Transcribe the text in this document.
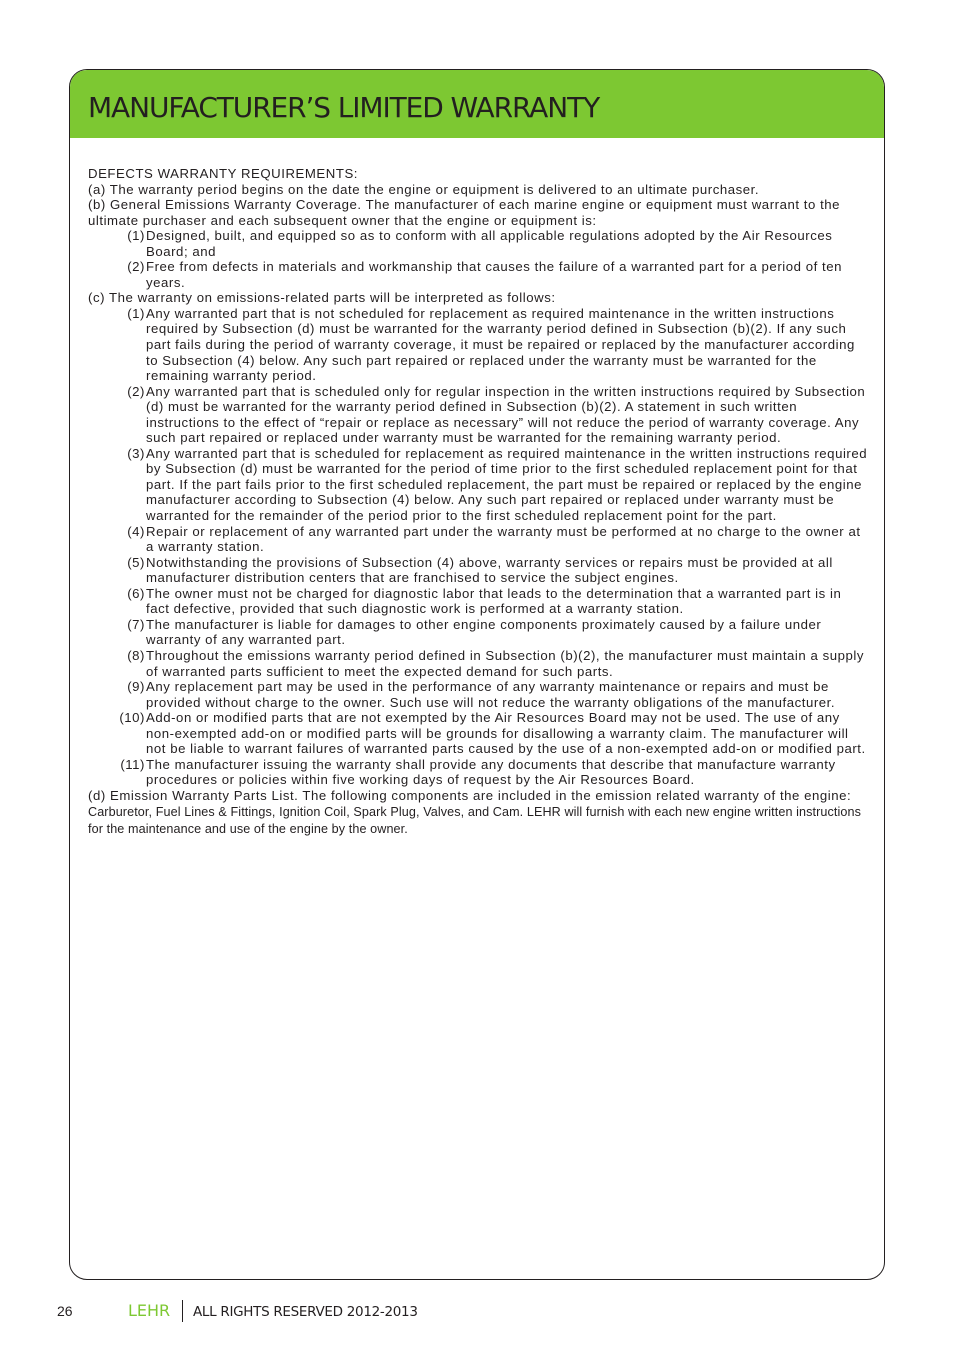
MANUFACTURER’S LIMITED WARRANTY

DEFECTS WARRANTY REQUIREMENTS:

(a) The warranty period begins on the date the engine or equipment is delivered to an ultimate purchaser.

(b) General Emissions Warranty Coverage. The manufacturer of each marine engine or equipment must warrant to the ultimate purchaser and each subsequent owner that the engine or equipment is:

(1) Designed, built, and equipped so as to conform with all applicable regulations adopted by the Air Resources Board; and
(2) Free from defects in materials and workmanship that causes the failure of a warranted part for a period of ten years.

(c) The warranty on emissions-related parts will be interpreted as follows:

(1) Any warranted part that is not scheduled for replacement as required maintenance in the written instructions required by Subsection (d) must be warranted for the warranty period defined in Subsection (b)(2). If any such part fails during the period of warranty coverage, it must be repaired or replaced by the manufacturer according to Subsection (4) below. Any such part repaired or replaced under the warranty must be warranted for the remaining warranty period.
(2) Any warranted part that is scheduled only for regular inspection in the written instructions required by Subsection (d) must be warranted for the warranty period defined in Subsection (b)(2). A statement in such written instructions to the effect of “repair or replace as necessary” will not reduce the period of warranty coverage. Any such part repaired or replaced under warranty must be warranted for the remaining warranty period.
(3) Any warranted part that is scheduled for replacement as required maintenance in the written instructions required by Subsection (d) must be warranted for the period of time prior to the first scheduled replacement point for that part. If the part fails prior to the first scheduled replacement, the part must be repaired or replaced by the engine manufacturer according to Subsection (4) below. Any such part repaired or replaced under warranty must be warranted for the remainder of the period prior to the first scheduled replacement point for the part.
(4) Repair or replacement of any warranted part under the warranty must be performed at no charge to the owner at a warranty station.
(5) Notwithstanding the provisions of Subsection (4) above, warranty services or repairs must be provided at all manufacturer distribution centers that are franchised to service the subject engines.
(6) The owner must not be charged for diagnostic labor that leads to the determination that a warranted part is in fact defective, provided that such diagnostic work is performed at a warranty station.
(7) The manufacturer is liable for damages to other engine components proximately caused by a failure under warranty of any warranted part.
(8) Throughout the emissions warranty period defined in Subsection (b)(2), the manufacturer must maintain a supply of warranted parts sufficient to meet the expected demand for such parts.
(9) Any replacement part may be used in the performance of any warranty maintenance or repairs and must be provided without charge to the owner. Such use will not reduce the warranty obligations of the manufacturer.
(10) Add-on or modified parts that are not exempted by the Air Resources Board may not be used. The use of any non-exempted add-on or modified parts will be grounds for disallowing a warranty claim. The manufacturer will not be liable to warrant failures of warranted parts caused by the use of a non-exempted add-on or modified part.
(11) The manufacturer issuing the warranty shall provide any documents that describe that manufacture warranty procedures or policies within five working days of request by the Air Resources Board.

(d) Emission Warranty Parts List. The following components are included in the emission related warranty of the engine: Carburetor, Fuel Lines & Fittings, Ignition Coil, Spark Plug, Valves, and Cam. LEHR will furnish with each new engine written instructions for the maintenance and use of the engine by the owner.

26	LEHR ALL RIGHTS RESERVED 2012-2013
